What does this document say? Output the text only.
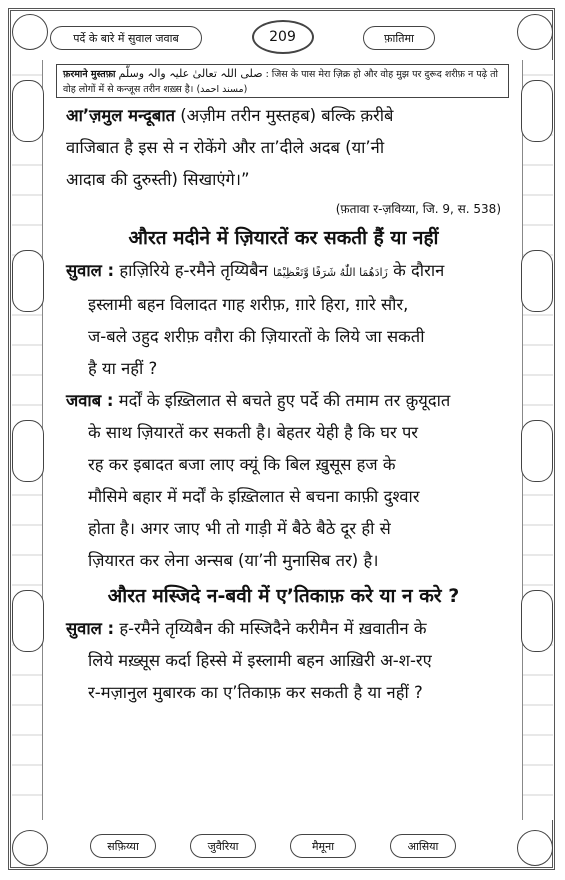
पर्दे के बारे में सुवाल जवाब	209	फ़ातिमा
फ़रमाने मुस्तफ़ा صلی اللہ تعالیٰ علیہ والہ وسلّم : जिस के पास मेरा ज़िक्र हो और वोह मुझ पर दुरूद शरीफ़ न पढ़े तो वोह लोगों में से कन्जूस तरीन शख़्स है। (مسند احمد)

आ’ज़मुल मन्दूबात (अज़ीम तरीन मुस्तहब) बल्कि क़रीबे

वाजिबात है इस से न रोकेंगे और ता’दीले अदब (या’नी

आदाब की दुरुस्ती) सिखाएंगे।”

(फ़तावा र-ज़विय्या, जि. 9, स. 538)
औरत मदीने में ज़ियारतें कर सकती हैं या नहीं

सुवाल : हाज़िरिये ह-रमैने तृय्यिबैन زَادَهُمَا اللّٰهُ شَرَفًا وَّتَعْظِيْمًا के दौरान

इस्लामी बहन विलादत गाह शरीफ़, ग़ारे हिरा, ग़ारे सौर,

ज-बले उहुद शरीफ़ वग़ैरा की ज़ियारतों के लिये जा सकती

है या नहीं ?

जवाब : मर्दों के इख़्तिलात से बचते हुए पर्दे की तमाम तर क़ुयूदात

के साथ ज़ियारतें कर सकती है। बेहतर येही है कि घर पर

रह कर इबादत बजा लाए क्यूं कि बिल ख़ुसूस हज के

मौसिमे बहार में मर्दों के इख़्तिलात से बचना काफ़ी दुश्वार

होता है। अगर जाए भी तो गाड़ी में बैठे बैठे दूर ही से

ज़ियारत कर लेना अन्सब (या’नी मुनासिब तर) है।

औरत मस्जिदे न-बवी में ए’तिकाफ़ करे या न करे ?

सुवाल : ह-रमैने तृय्यिबैन की मस्जिदैने करीमैन में ख़वातीन के

लिये मख़्सूस कर्दा हिस्से में इस्लामी बहन आख़िरी अ-श-रए

र-मज़ानुल मुबारक का ए’तिकाफ़ कर सकती है या नहीं ?

सफ़िय्या	जुवैरिया	मैमूना	आसिया
